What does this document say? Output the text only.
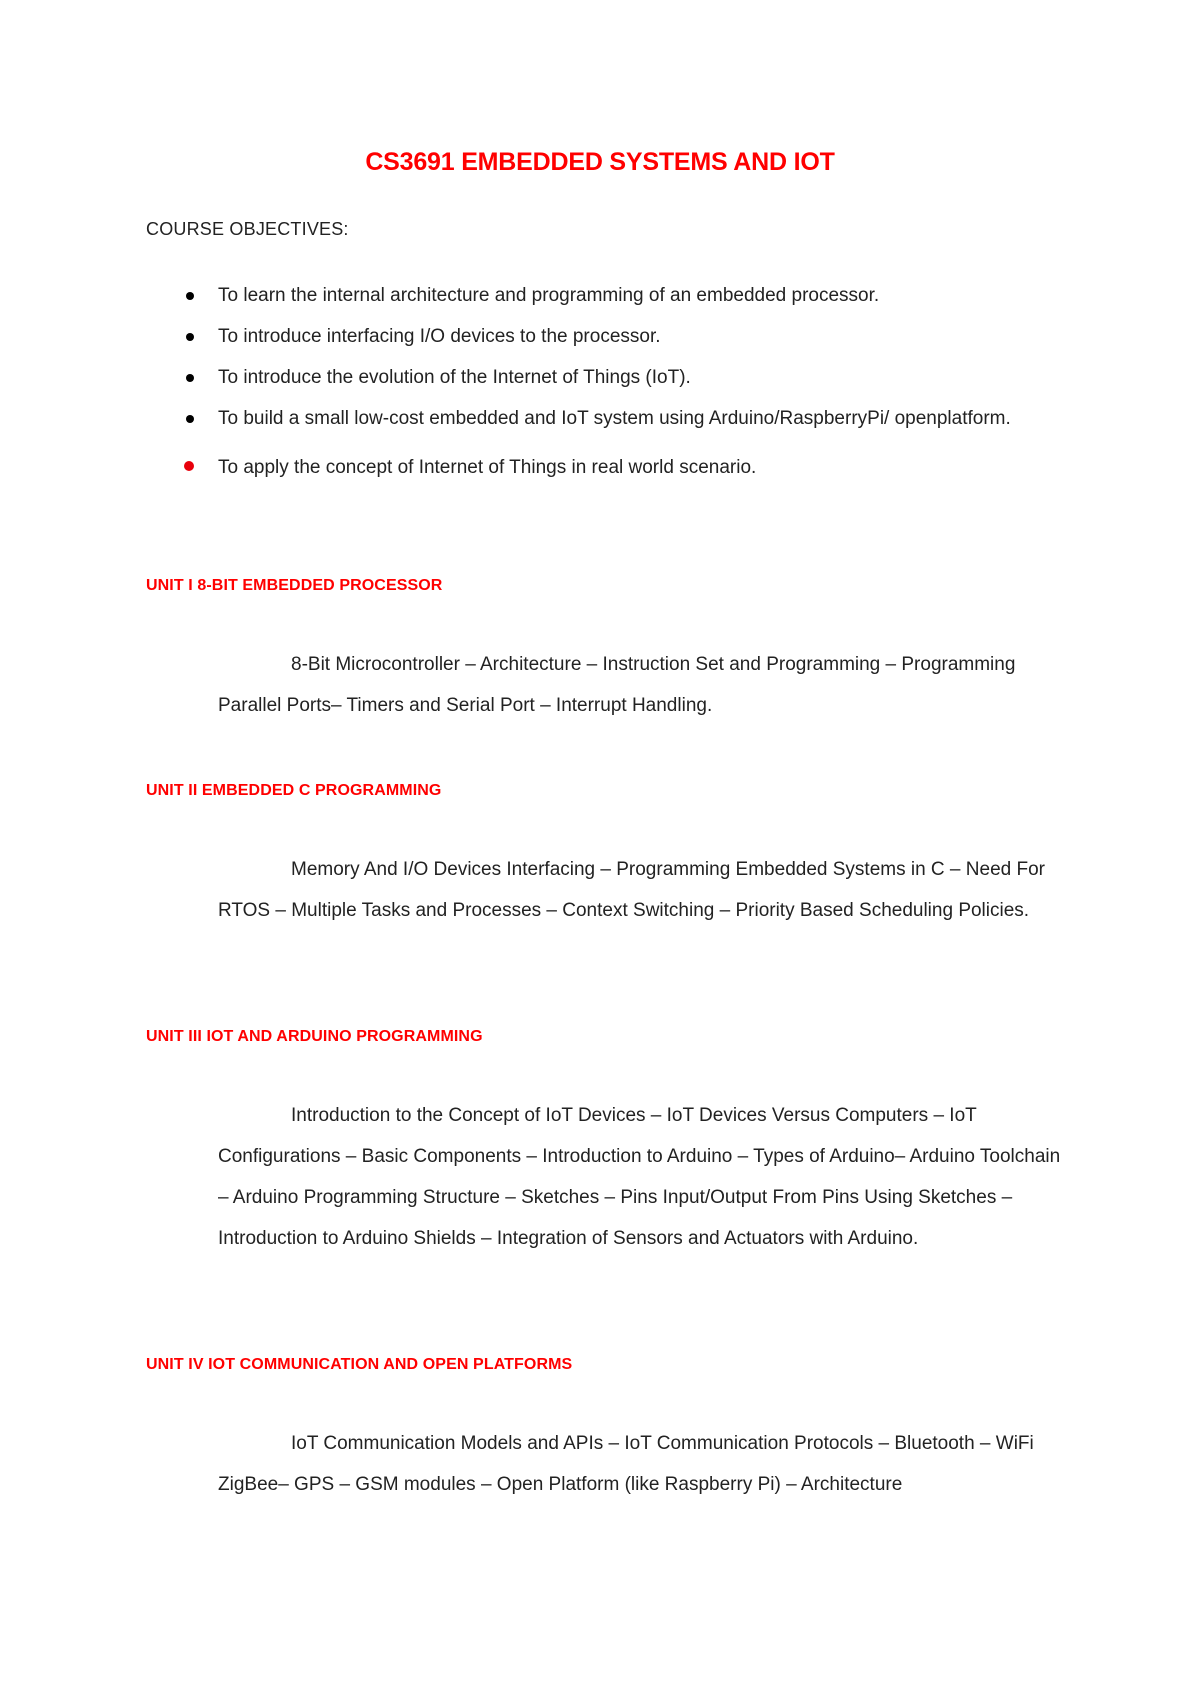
CS3691 EMBEDDED SYSTEMS AND IOT
COURSE OBJECTIVES:
To learn the internal architecture and programming of an embedded processor.
To introduce interfacing I/O devices to the processor.
To introduce the evolution of the Internet of Things (IoT).
To build a small low-cost embedded and IoT system using Arduino/RaspberryPi/ openplatform.
To apply the concept of Internet of Things in real world scenario.
UNIT I 8-BIT EMBEDDED PROCESSOR
8-Bit Microcontroller – Architecture – Instruction Set and Programming – Programming Parallel Ports– Timers and Serial Port – Interrupt Handling.
UNIT II EMBEDDED C PROGRAMMING
Memory And I/O Devices Interfacing – Programming Embedded Systems in C – Need For RTOS – Multiple Tasks and Processes – Context Switching – Priority Based Scheduling Policies.
UNIT III IOT AND ARDUINO PROGRAMMING
Introduction to the Concept of IoT Devices – IoT Devices Versus Computers – IoT Configurations – Basic Components – Introduction to Arduino – Types of Arduino– Arduino Toolchain – Arduino Programming Structure – Sketches – Pins Input/Output From Pins Using Sketches – Introduction to Arduino Shields – Integration of Sensors and Actuators with Arduino.
UNIT IV IOT COMMUNICATION AND OPEN PLATFORMS
IoT Communication Models and APIs – IoT Communication Protocols – Bluetooth – WiFi ZigBee– GPS – GSM modules – Open Platform (like Raspberry Pi) – Architecture
